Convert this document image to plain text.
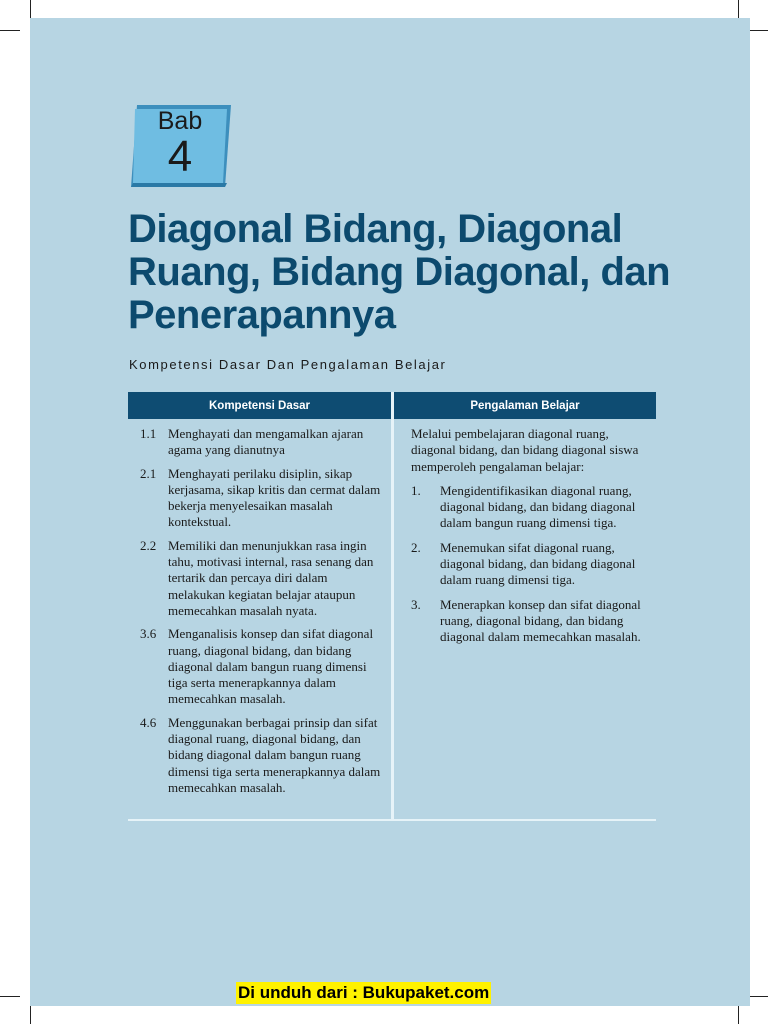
Bab
4
Diagonal Bidang, Diagonal Ruang, Bidang Diagonal, dan Penerapannya
Kompetensi Dasar Dan Pengalaman Belajar
Kompetensi Dasar	Pengalaman Belajar
1.1 Menghayati dan mengamalkan ajaran agama yang dianutnya
2.1 Menghayati perilaku disiplin, sikap kerjasama, sikap kritis dan cermat dalam bekerja menyelesaikan masalah kontekstual.
2.2 Memiliki dan menunjukkan rasa ingin tahu, motivasi internal, rasa senang dan tertarik dan percaya diri dalam melakukan kegiatan belajar ataupun memecahkan masalah nyata.
3.6 Menganalisis konsep dan sifat diagonal ruang, diagonal bidang, dan bidang diagonal dalam bangun ruang dimensi tiga serta menerapkannya dalam memecahkan masalah.
4.6 Menggunakan berbagai prinsip dan sifat diagonal ruang, diagonal bidang, dan bidang diagonal dalam bangun ruang dimensi tiga serta menerapkannya dalam memecahkan masalah.
Melalui pembelajaran diagonal ruang, diagonal bidang, dan bidang diagonal siswa memperoleh pengalaman belajar:
1.	Mengidentifikasikan diagonal ruang, diagonal bidang, dan bidang diagonal dalam bangun ruang dimensi tiga.
2.	Menemukan sifat diagonal ruang, diagonal bidang, dan bidang diagonal dalam ruang dimensi tiga.
3.	Menerapkan konsep dan sifat diagonal ruang, diagonal bidang, dan bidang diagonal dalam memecahkan masalah.
Di unduh dari : Bukupaket.com
